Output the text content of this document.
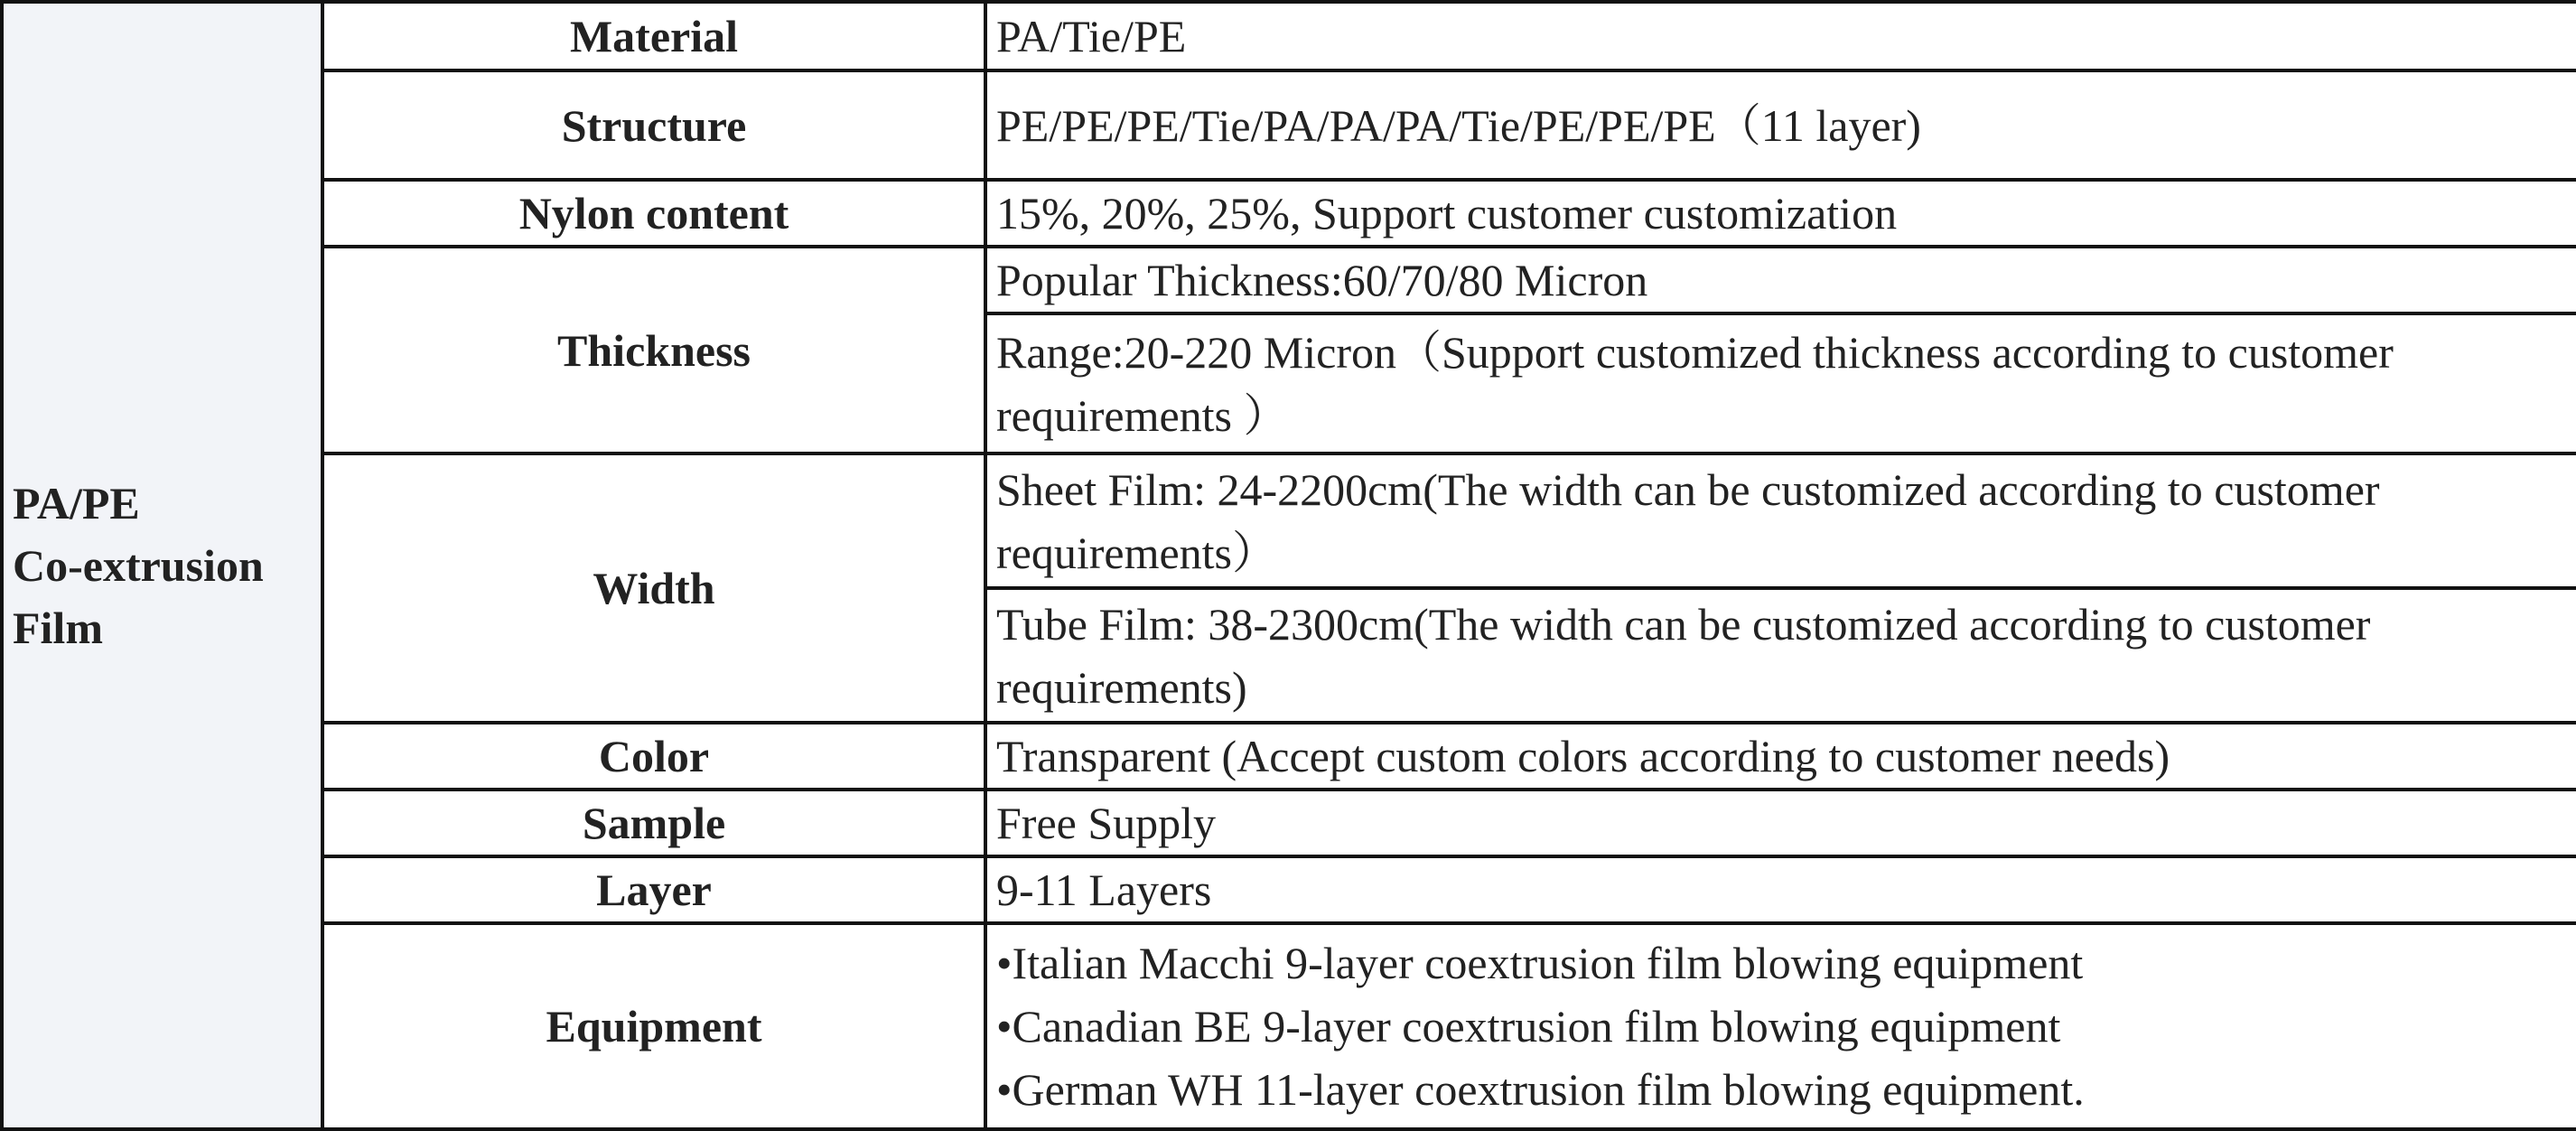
PA/PE
Co-extrusion
Film	Material	PA/Tie/PE
	Structure	PE/PE/PE/Tie/PA/PA/PA/Tie/PE/PE/PE（11 layer)
	Nylon content	15%, 20%, 25%, Support customer customization
	Thickness	Popular Thickness:60/70/80 Micron
		Range:20-220 Micron（Support customized thickness according to customer requirements ）
	Width	Sheet Film: 24-2200cm(The width can be customized according to customer requirements）
		Tube Film: 38-2300cm(The width can be customized according to customer requirements)
	Color	Transparent (Accept custom colors according to customer needs)
	Sample	Free Supply
	Layer	9-11 Layers
	Equipment	•Italian Macchi 9-layer coextrusion film blowing equipment
•Canadian BE 9-layer coextrusion film blowing equipment
•German WH 11-layer coextrusion film blowing equipment.
